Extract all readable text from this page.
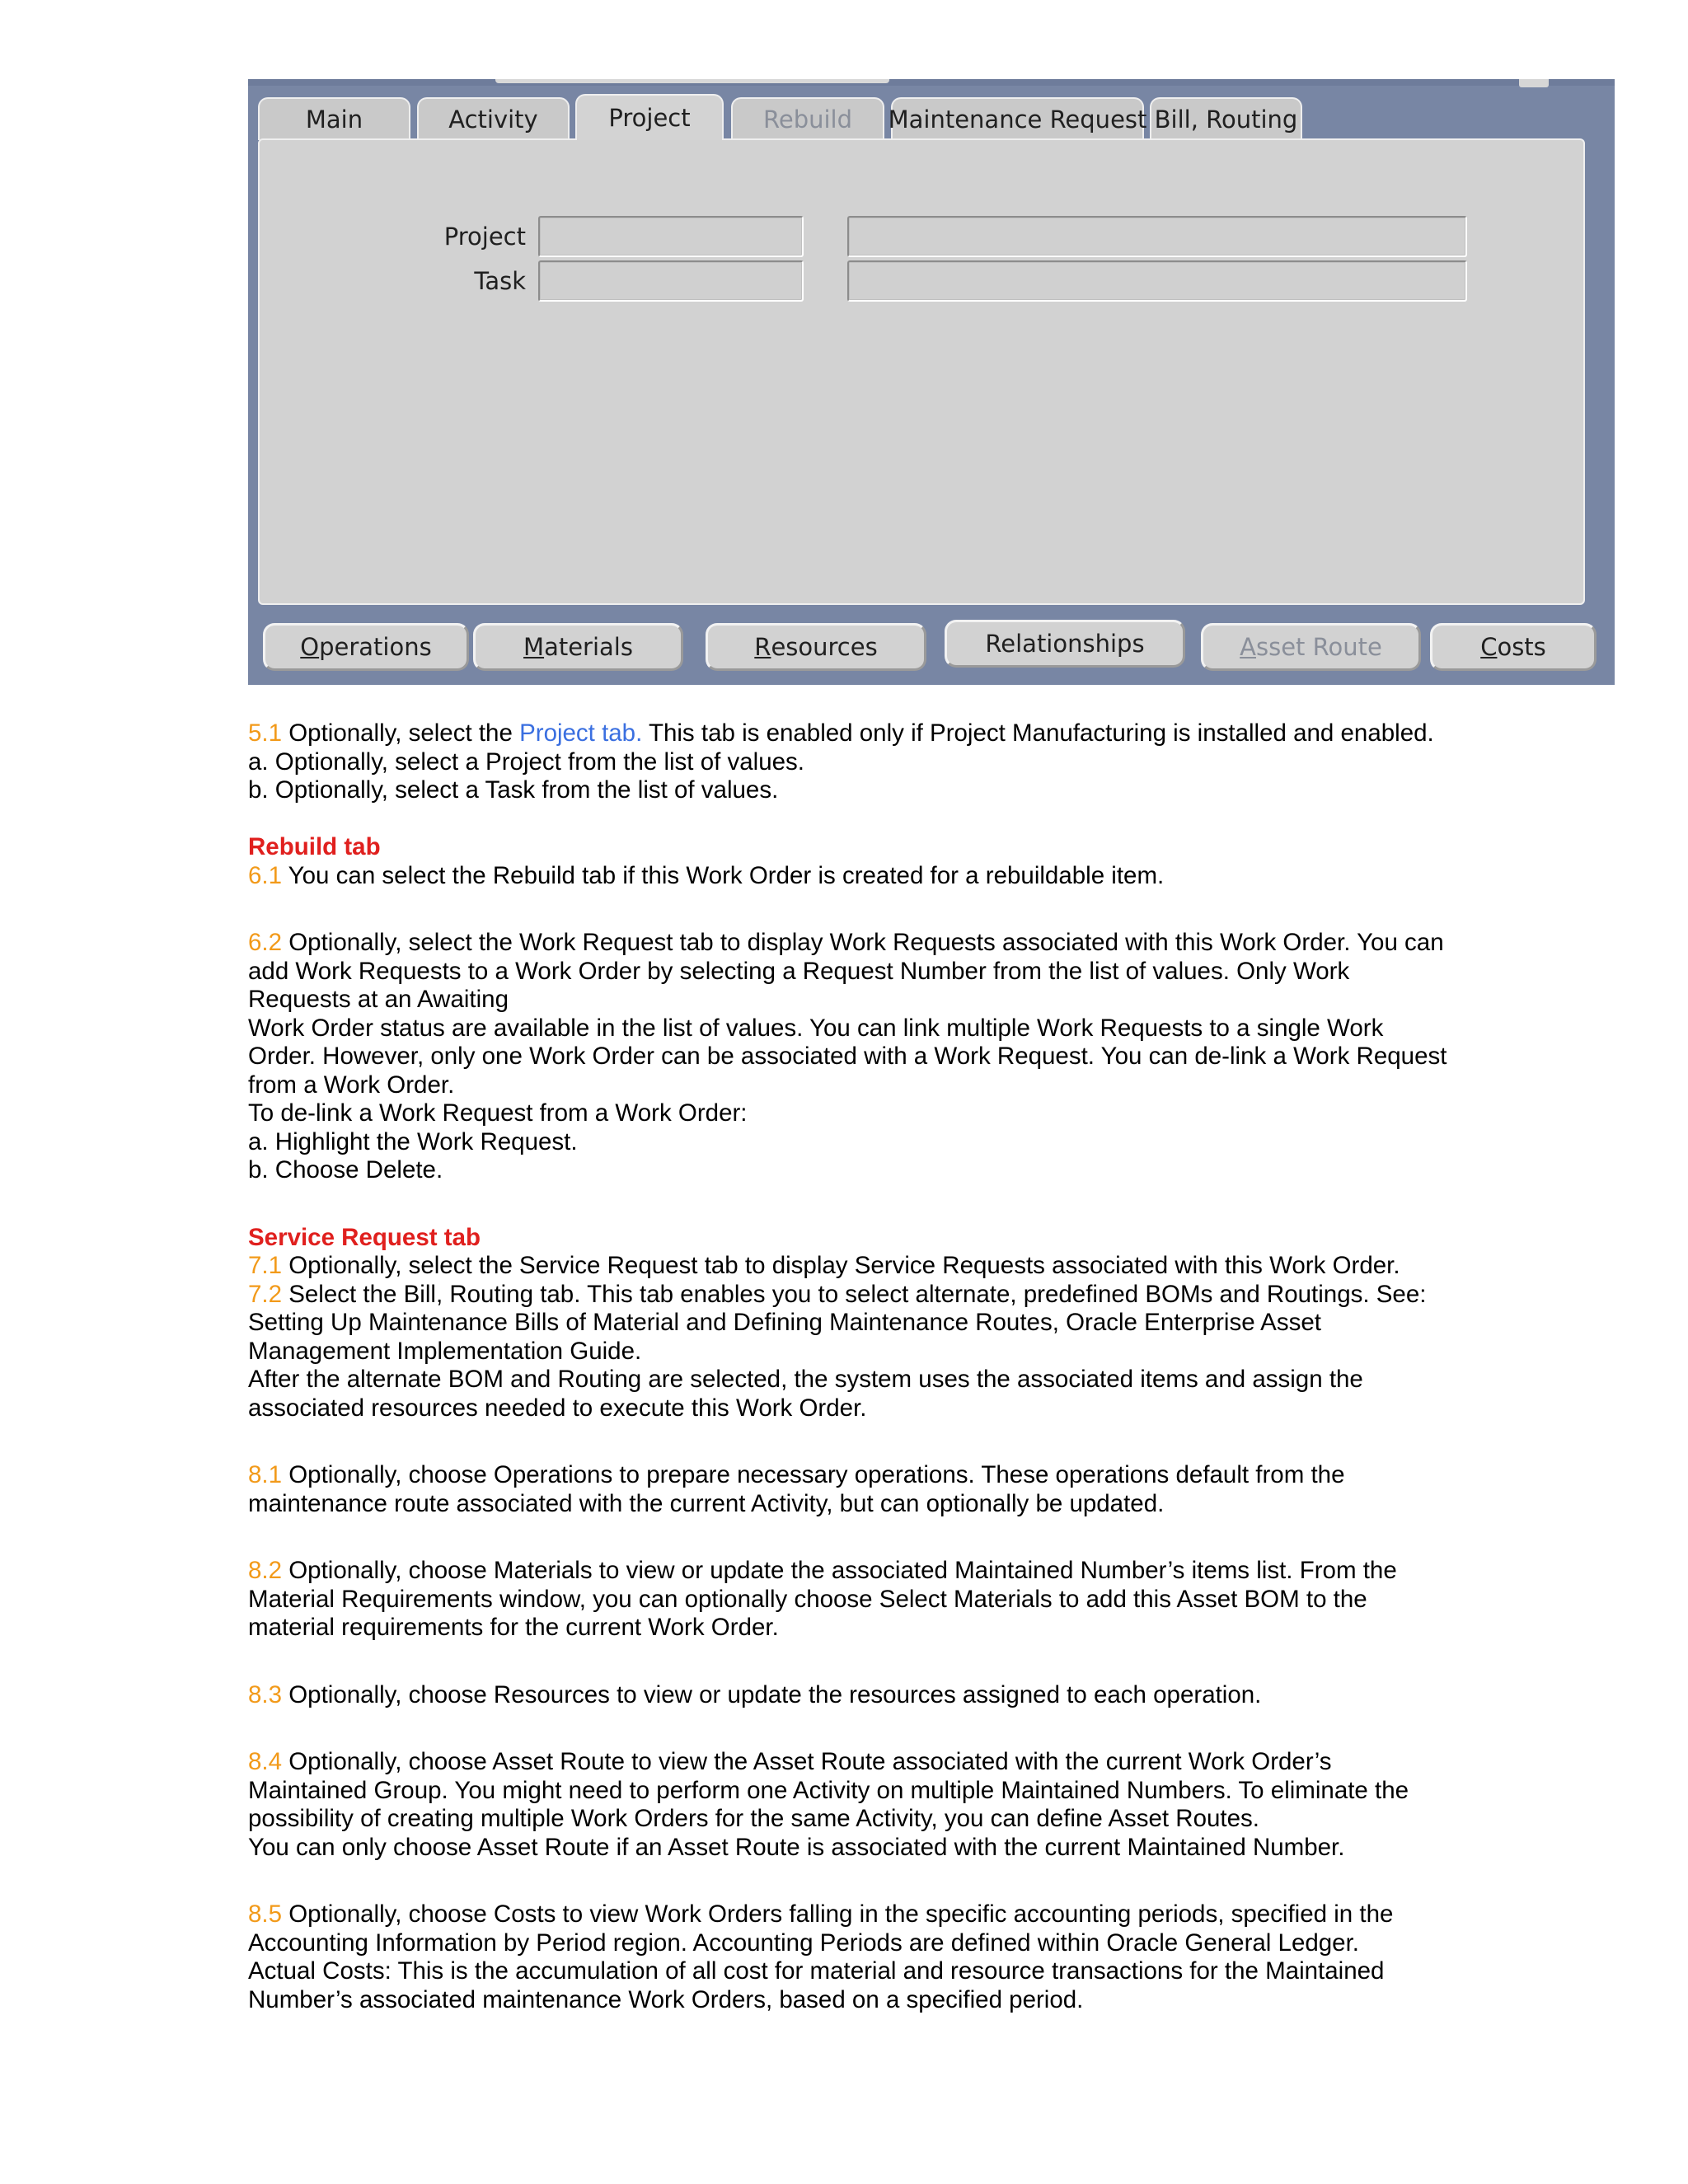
Main	Activity	Project	Rebuild	Maintenance Request Bill, Routing
Project
Task
O perations	M aterials	R esources	Relationships	A sset Route	C osts

5.1 Optionally, select the Project tab. This tab is enabled only if Project Manufacturing is installed and enabled.

a. Optionally, select a Project from the list of values.

b. Optionally, select a Task from the list of values.

Rebuild tab

6.1 You can select the Rebuild tab if this Work Order is created for a rebuildable item.

6.2 Optionally, select the Work Request tab to display Work Requests associated with this Work Order. You can add Work Requests to a Work Order by selecting a Request Number from the list of values. Only Work Requests at an Awaiting

Work Order status are available in the list of values. You can link multiple Work Requests to a single Work Order. However, only one Work Order can be associated with a Work Request. You can de-link a Work Request from a Work Order.

To de-link a Work Request from a Work Order:

a. Highlight the Work Request.

b. Choose Delete.

Service Request tab

7.1 Optionally, select the Service Request tab to display Service Requests associated with this Work Order.

7.2 Select the Bill, Routing tab. This tab enables you to select alternate, predefined BOMs and Routings. See: Setting Up Maintenance Bills of Material and Defining Maintenance Routes, Oracle Enterprise Asset Management Implementation Guide.

After the alternate BOM and Routing are selected, the system uses the associated items and assign the associated resources needed to execute this Work Order.

8.1 Optionally, choose Operations to prepare necessary operations. These operations default from the maintenance route associated with the current Activity, but can optionally be updated.

8.2 Optionally, choose Materials to view or update the associated Maintained Number’s items list. From the Material Requirements window, you can optionally choose Select Materials to add this Asset BOM to the material requirements for the current Work Order.

8.3 Optionally, choose Resources to view or update the resources assigned to each operation.

8.4 Optionally, choose Asset Route to view the Asset Route associated with the current Work Order’s Maintained Group. You might need to perform one Activity on multiple Maintained Numbers. To eliminate the possibility of creating multiple Work Orders for the same Activity, you can define Asset Routes.

You can only choose Asset Route if an Asset Route is associated with the current Maintained Number.

8.5 Optionally, choose Costs to view Work Orders falling in the specific accounting periods, specified in the Accounting Information by Period region. Accounting Periods are defined within Oracle General Ledger.

Actual Costs: This is the accumulation of all cost for material and resource transactions for the Maintained Number’s associated maintenance Work Orders, based on a specified period.
